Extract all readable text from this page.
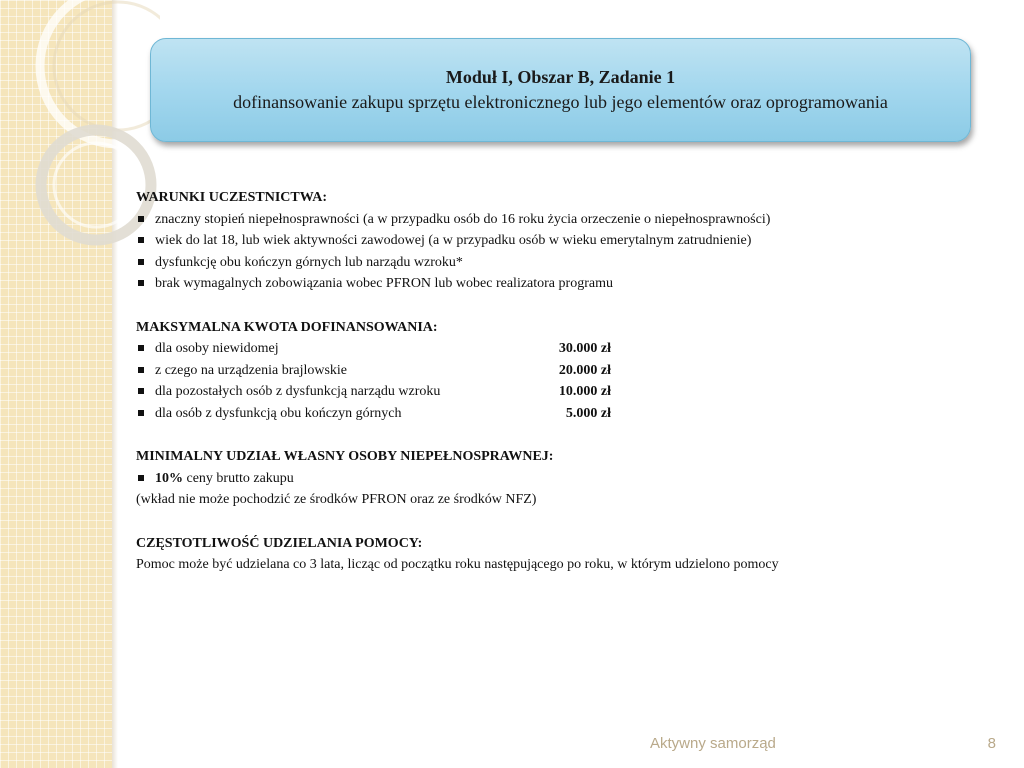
Moduł I, Obszar B, Zadanie 1
dofinansowanie zakupu sprzętu elektronicznego lub jego elementów oraz oprogramowania

WARUNKI UCZESTNICTWA:

znaczny stopień niepełnosprawności (a w przypadku osób do 16 roku życia orzeczenie o niepełnosprawności)
wiek do lat 18, lub wiek aktywności zawodowej (a w przypadku osób w wieku emerytalnym zatrudnienie)
dysfunkcję obu kończyn górnych lub narządu wzroku*
brak wymagalnych zobowiązania wobec PFRON lub wobec realizatora programu

MAKSYMALNA KWOTA DOFINANSOWANIA:

dla osoby niewidomej	30.000 zł
z czego na urządzenia brajlowskie	20.000 zł
dla pozostałych osób z dysfunkcją narządu wzroku	10.000 zł
dla osób z dysfunkcją obu kończyn górnych	5.000 zł

MINIMALNY UDZIAŁ WŁASNY OSOBY NIEPEŁNOSPRAWNEJ:

10% ceny brutto zakupu

(wkład nie może pochodzić ze środków PFRON oraz ze środków NFZ)

CZĘSTOTLIWOŚĆ UDZIELANIA POMOCY:

Pomoc może być udzielana co 3 lata, licząc od początku roku następującego po roku, w którym udzielono pomocy

Aktywny samorząd	8
